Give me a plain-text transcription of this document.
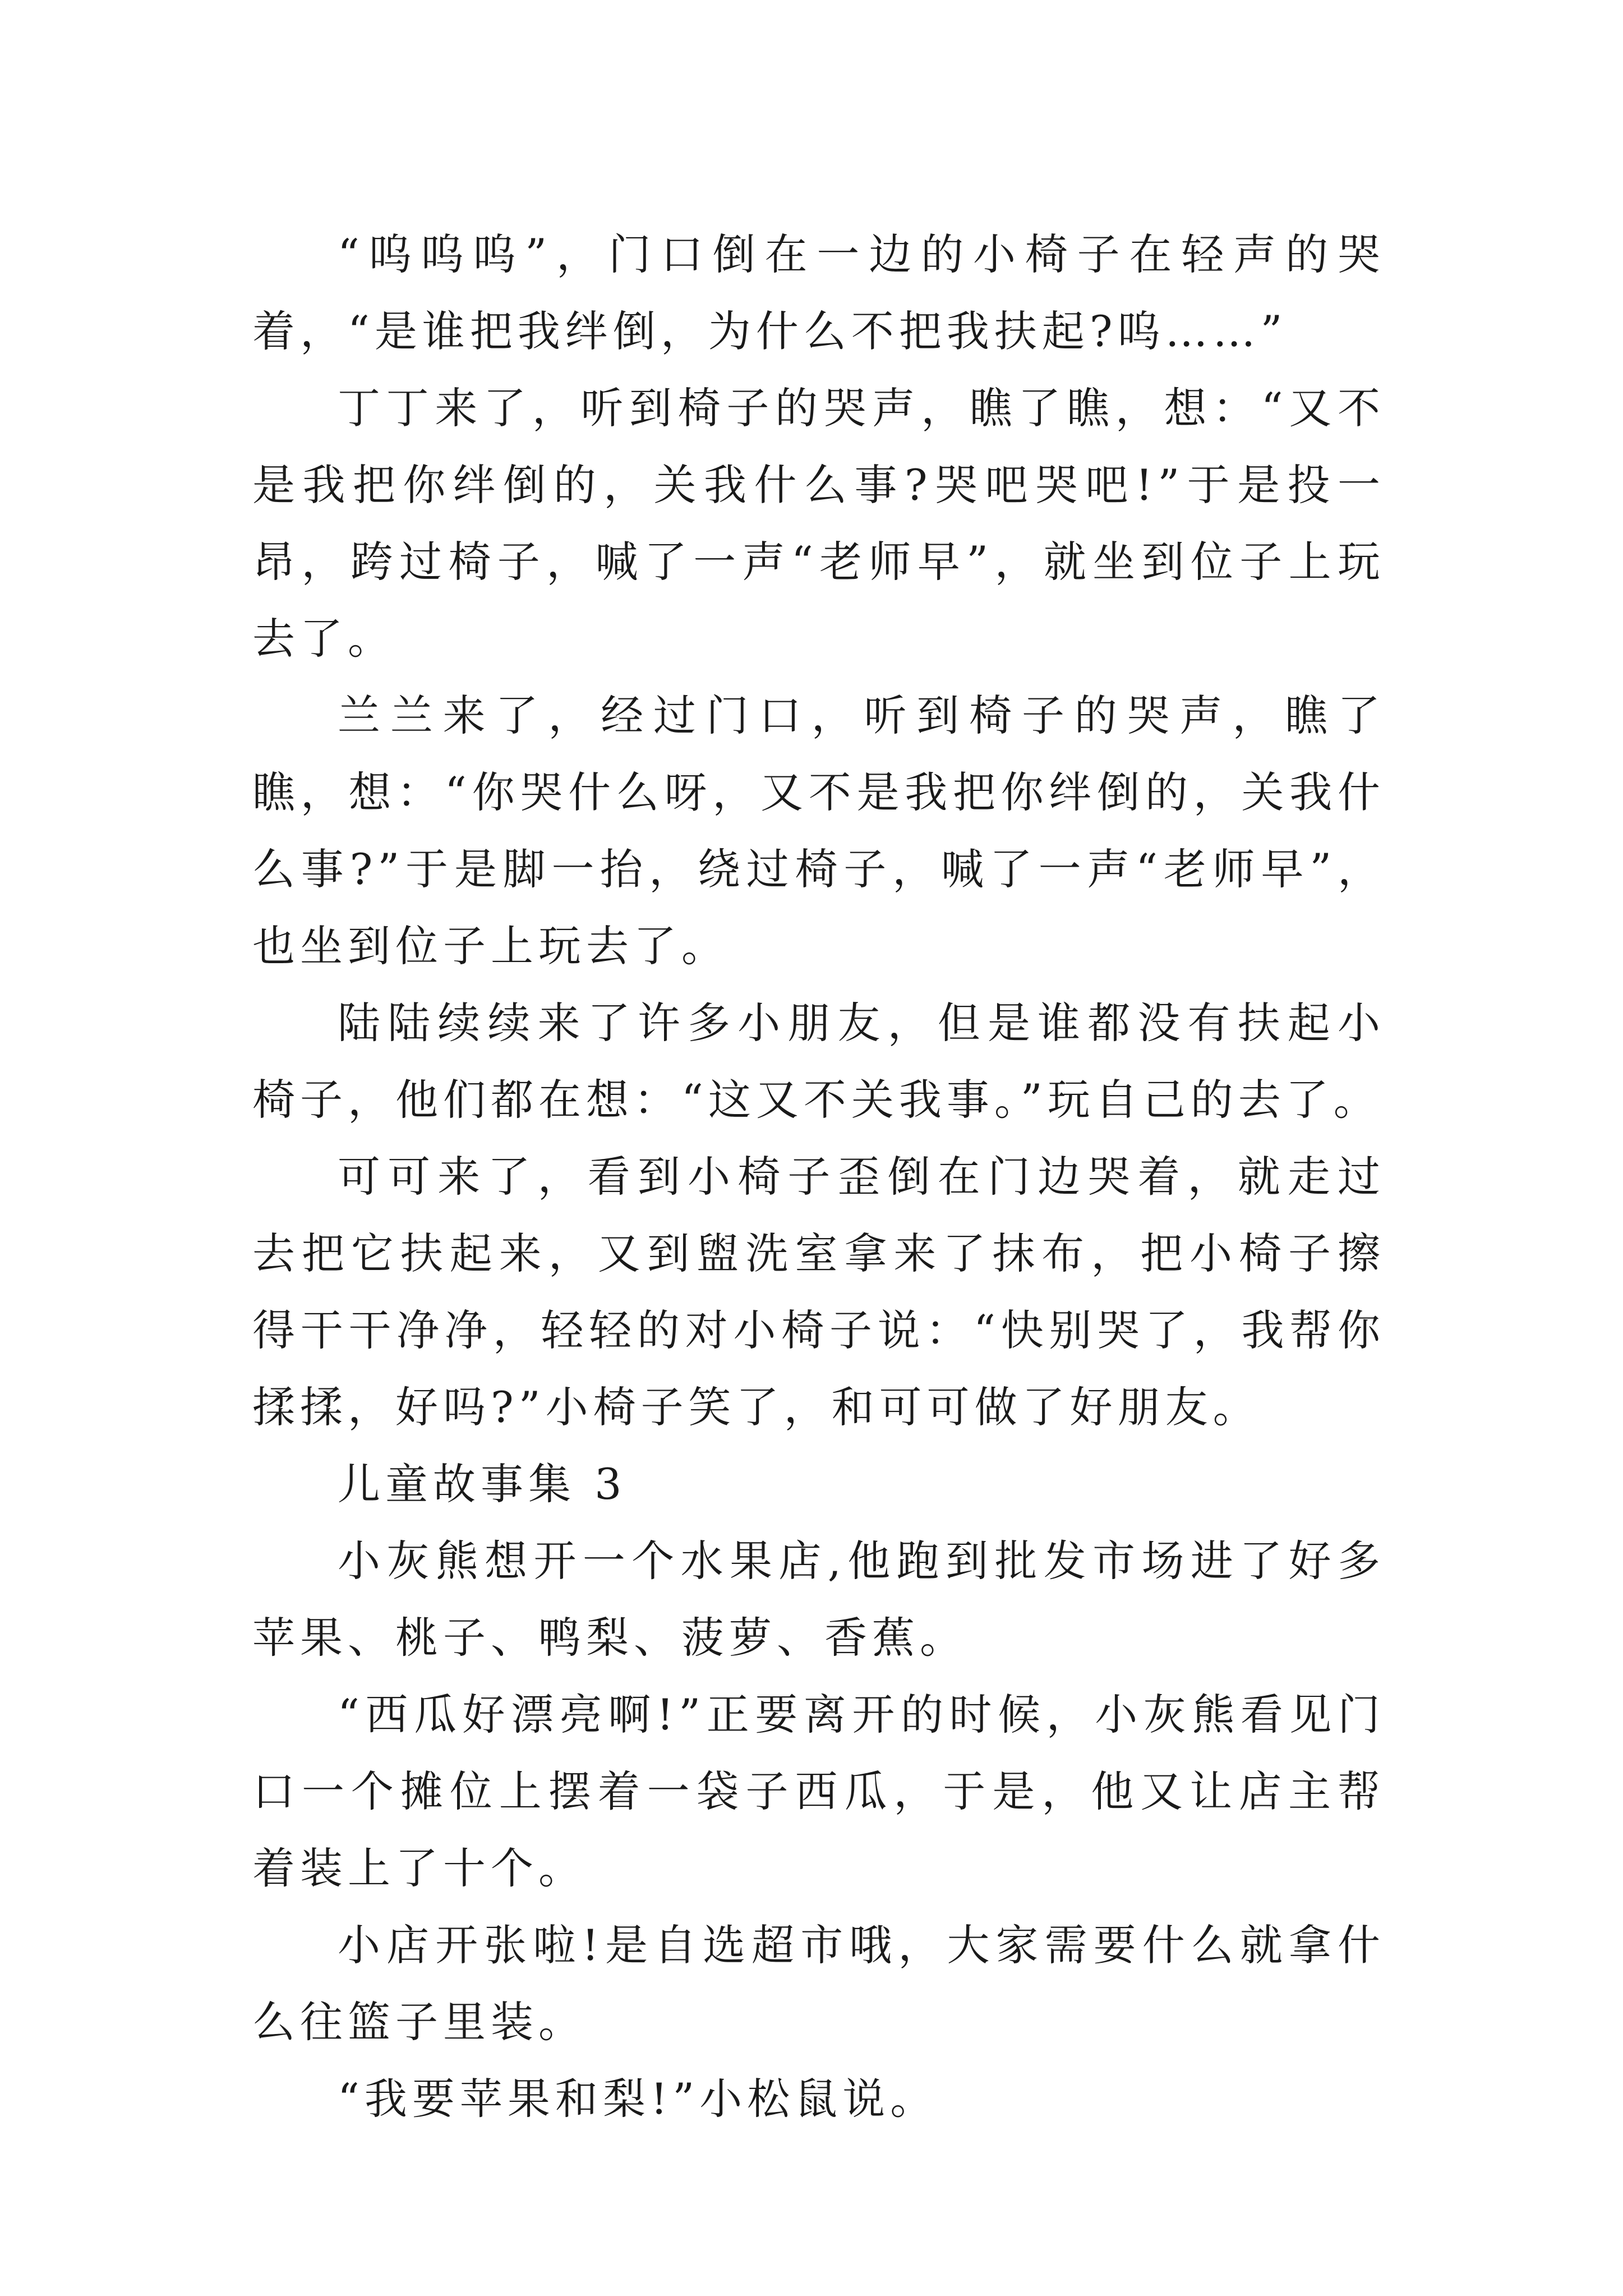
“呜呜呜”，门口倒在一边的小椅子在轻声的哭着，“是谁把我绊倒，为什么不把我扶起?呜……”

丁丁来了，听到椅子的哭声，瞧了瞧，想：“又不是我把你绊倒的，关我什么事?哭吧哭吧!”于是投一昂，跨过椅子，喊了一声“老师早”，就坐到位子上玩去了。

兰兰来了，经过门口，听到椅子的哭声，瞧了瞧，想：“你哭什么呀，又不是我把你绊倒的，关我什么事?”于是脚一抬，绕过椅子，喊了一声“老师早”，也坐到位子上玩去了。

陆陆续续来了许多小朋友，但是谁都没有扶起小椅子，他们都在想：“这又不关我事。”玩自己的去了。

可可来了，看到小椅子歪倒在门边哭着，就走过去把它扶起来，又到盥洗室拿来了抹布，把小椅子擦得干干净净，轻轻的对小椅子说：“快别哭了，我帮你揉揉，好吗?”小椅子笑了，和可可做了好朋友。

儿童故事集 3

小灰熊想开一个水果店,他跑到批发市场进了好多苹果、桃子、鸭梨、菠萝、香蕉。

“西瓜好漂亮啊!”正要离开的时候，小灰熊看见门口一个摊位上摆着一袋子西瓜，于是，他又让店主帮着装上了十个。

小店开张啦!是自选超市哦，大家需要什么就拿什么往篮子里装。

“我要苹果和梨!”小松鼠说。
